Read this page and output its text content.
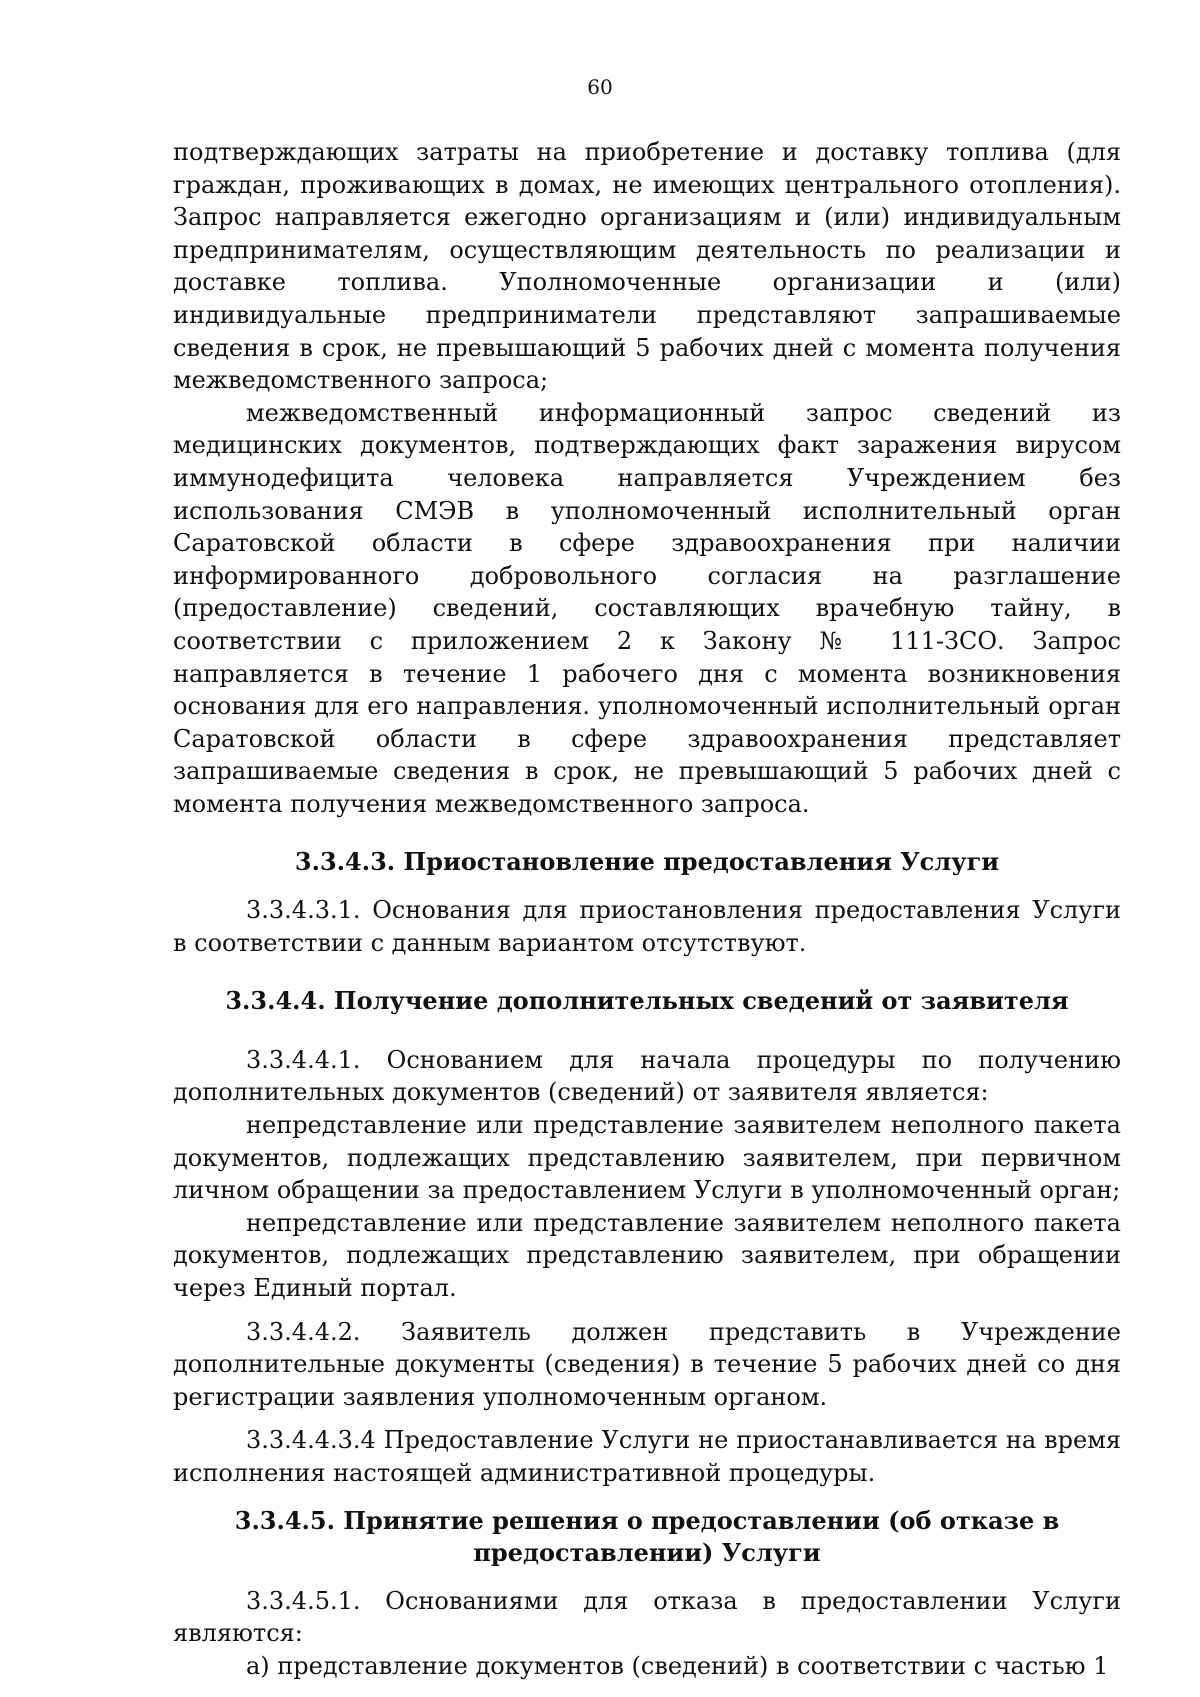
60

подтверждающих затраты на приобретение и доставку топлива (для граждан, проживающих в домах, не имеющих центрального отопления). Запрос направляется ежегодно организациям и (или) индивидуальным предпринимателям, осуществляющим деятельность по реализации и доставке топлива. Уполномоченные организации и (или) индивидуальные предприниматели представляют запрашиваемые сведения в срок, не превышающий 5 рабочих дней с момента получения межведомственного запроса;

межведомственный информационный запрос сведений из медицинских документов, подтверждающих факт заражения вирусом иммунодефицита человека направляется Учреждением без использования СМЭВ в уполномоченный исполнительный орган Саратовской области в сфере здравоохранения при наличии информированного добровольного согласия на разглашение (предоставление) сведений, составляющих врачебную тайну, в соответствии с приложением 2 к Закону № 111-ЗСО. Запрос направляется в течение 1 рабочего дня с момента возникновения основания для его направления. уполномоченный исполнительный орган Саратовской области в сфере здравоохранения представляет запрашиваемые сведения в срок, не превышающий 5 рабочих дней с момента получения межведомственного запроса.

3.3.4.3. Приостановление предоставления Услуги

3.3.4.3.1. Основания для приостановления предоставления Услуги в соответствии с данным вариантом отсутствуют.

3.3.4.4. Получение дополнительных сведений от заявителя

3.3.4.4.1. Основанием для начала процедуры по получению дополнительных документов (сведений) от заявителя является:

непредставление или представление заявителем неполного пакета документов, подлежащих представлению заявителем, при первичном личном обращении за предоставлением Услуги в уполномоченный орган;

непредставление или представление заявителем неполного пакета документов, подлежащих представлению заявителем, при обращении через Единый портал.

3.3.4.4.2. Заявитель должен представить в Учреждение дополнительные документы (сведения) в течение 5 рабочих дней со дня регистрации заявления уполномоченным органом.

3.3.4.4.3.4 Предоставление Услуги не приостанавливается на время исполнения настоящей административной процедуры.

3.3.4.5. Принятие решения о предоставлении (об отказе в
предоставлении) Услуги

3.3.4.5.1. Основаниями для отказа в предоставлении Услуги являются:

а) представление документов (сведений) в соответствии с частью 1
